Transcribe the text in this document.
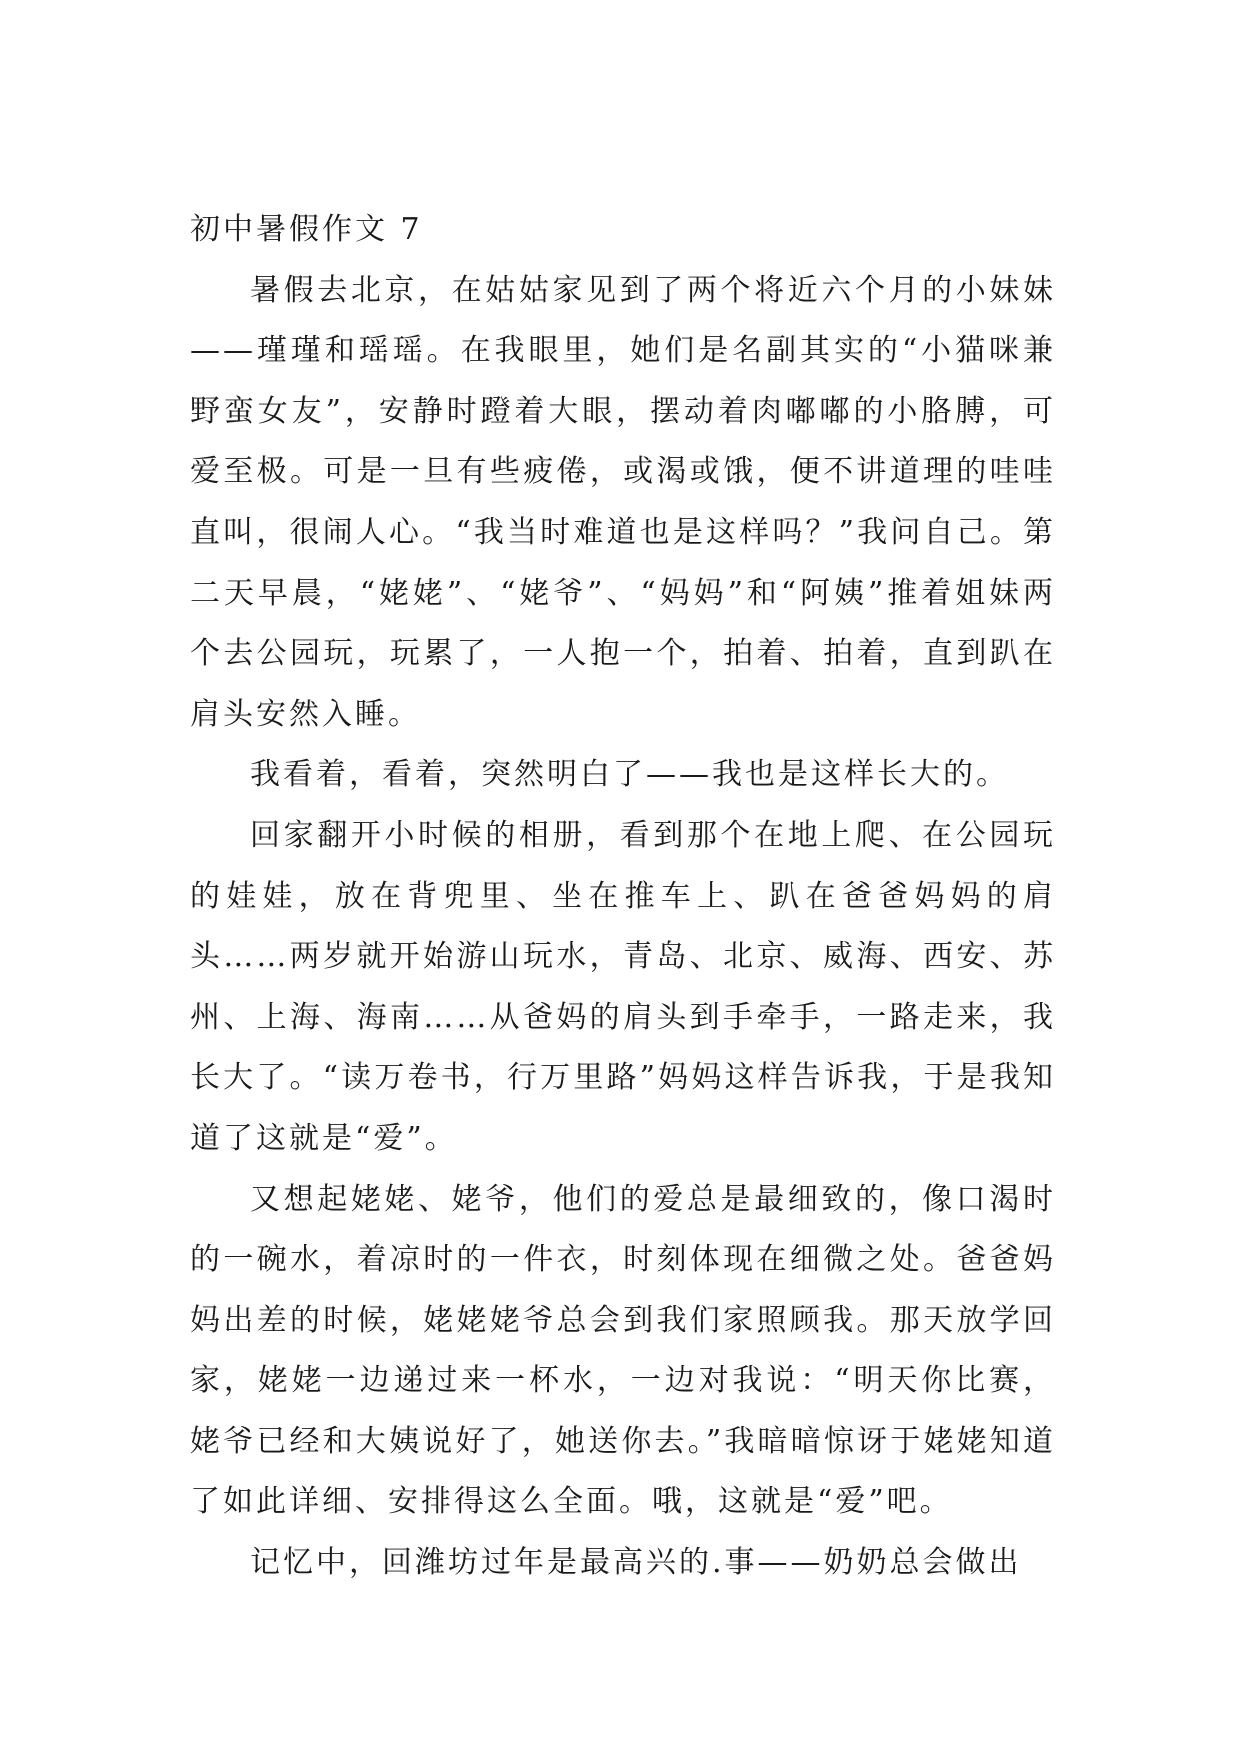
初中暑假作文 7

暑假去北京，在姑姑家见到了两个将近六个月的小妹妹——瑾瑾和瑶瑶。在我眼里，她们是名副其实的“小猫咪兼野蛮女友”，安静时蹬着大眼，摆动着肉嘟嘟的小胳膊，可爱至极。可是一旦有些疲倦，或渴或饿，便不讲道理的哇哇直叫，很闹人心。“我当时难道也是这样吗？”我问自己。第二天早晨，“姥姥”、“姥爷”、“妈妈”和“阿姨”推着姐妹两个去公园玩，玩累了，一人抱一个，拍着、拍着，直到趴在肩头安然入睡。

我看着，看着，突然明白了——我也是这样长大的。

回家翻开小时候的相册，看到那个在地上爬、在公园玩的娃娃，放在背兜里、坐在推车上、趴在爸爸妈妈的肩头……两岁就开始游山玩水，青岛、北京、威海、西安、苏州、上海、海南……从爸妈的肩头到手牵手，一路走来，我长大了。“读万卷书，行万里路”妈妈这样告诉我，于是我知道了这就是“爱”。

又想起姥姥、姥爷，他们的爱总是最细致的，像口渴时的一碗水，着凉时的一件衣，时刻体现在细微之处。爸爸妈妈出差的时候，姥姥姥爷总会到我们家照顾我。那天放学回家，姥姥一边递过来一杯水，一边对我说：“明天你比赛，姥爷已经和大姨说好了，她送你去。”我暗暗惊讶于姥姥知道了如此详细、安排得这么全面。哦，这就是“爱”吧。

记忆中，回潍坊过年是最高兴的.事——奶奶总会做出
